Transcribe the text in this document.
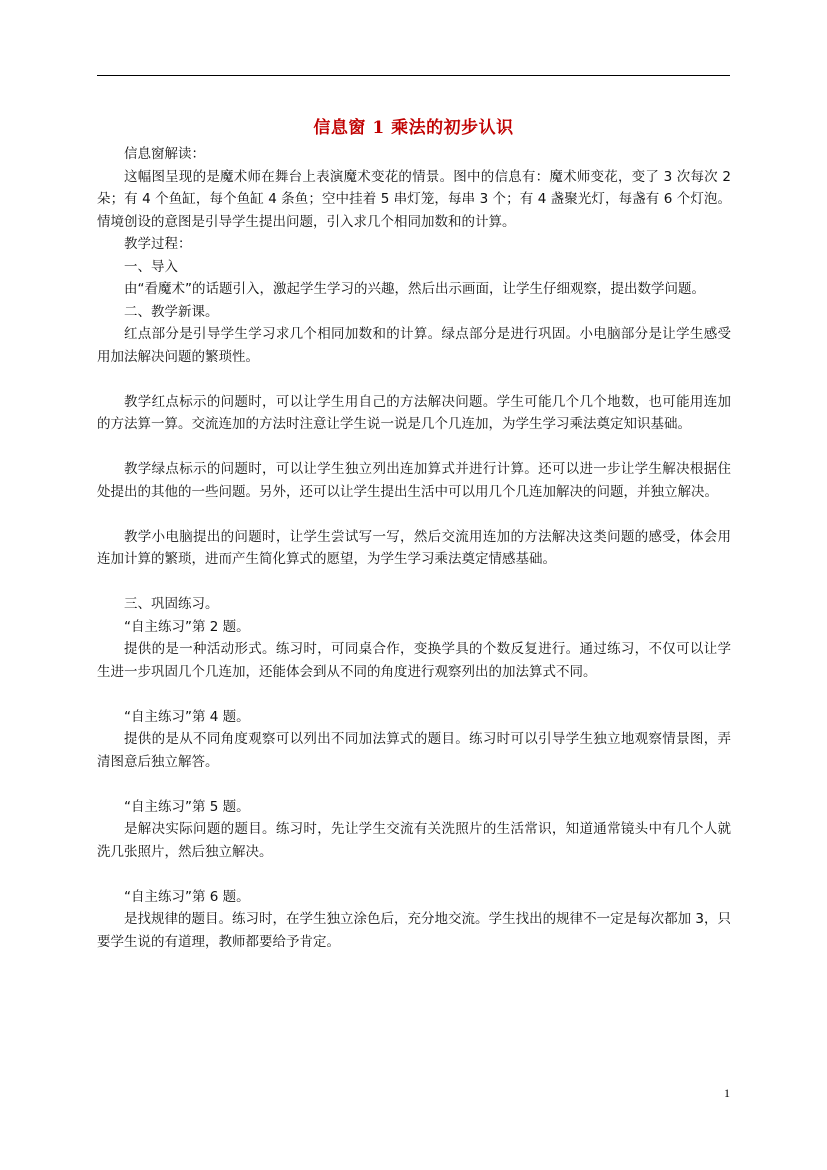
信息窗 1 乘法的初步认识

信息窗解读：

这幅图呈现的是魔术师在舞台上表演魔术变花的情景。图中的信息有：魔术师变花，变了 3 次每次 2 朵；有 4 个鱼缸，每个鱼缸 4 条鱼；空中挂着 5 串灯笼，每串 3 个；有 4 盏聚光灯，每盏有 6 个灯泡。情境创设的意图是引导学生提出问题，引入求几个相同加数和的计算。

教学过程：

一、导入

由“看魔术”的话题引入，激起学生学习的兴趣，然后出示画面，让学生仔细观察，提出数学问题。

二、教学新课。

红点部分是引导学生学习求几个相同加数和的计算。绿点部分是进行巩固。小电脑部分是让学生感受用加法解决问题的繁琐性。

教学红点标示的问题时，可以让学生用自己的方法解决问题。学生可能几个几个地数，也可能用连加的方法算一算。交流连加的方法时注意让学生说一说是几个几连加，为学生学习乘法奠定知识基础。

教学绿点标示的问题时，可以让学生独立列出连加算式并进行计算。还可以进一步让学生解决根据住处提出的其他的一些问题。另外，还可以让学生提出生活中可以用几个几连加解决的问题，并独立解决。

教学小电脑提出的问题时，让学生尝试写一写，然后交流用连加的方法解决这类问题的感受，体会用连加计算的繁琐，进而产生简化算式的愿望，为学生学习乘法奠定情感基础。

三、巩固练习。

“自主练习”第 2 题。

提供的是一种活动形式。练习时，可同桌合作，变换学具的个数反复进行。通过练习，不仅可以让学生进一步巩固几个几连加，还能体会到从不同的角度进行观察列出的加法算式不同。

“自主练习”第 4 题。

提供的是从不同角度观察可以列出不同加法算式的题目。练习时可以引导学生独立地观察情景图，弄清图意后独立解答。

“自主练习”第 5 题。

是解决实际问题的题目。练习时，先让学生交流有关洗照片的生活常识，知道通常镜头中有几个人就洗几张照片，然后独立解决。

“自主练习”第 6 题。

是找规律的题目。练习时，在学生独立涂色后，充分地交流。学生找出的规律不一定是每次都加 3，只要学生说的有道理，教师都要给予肯定。

1
